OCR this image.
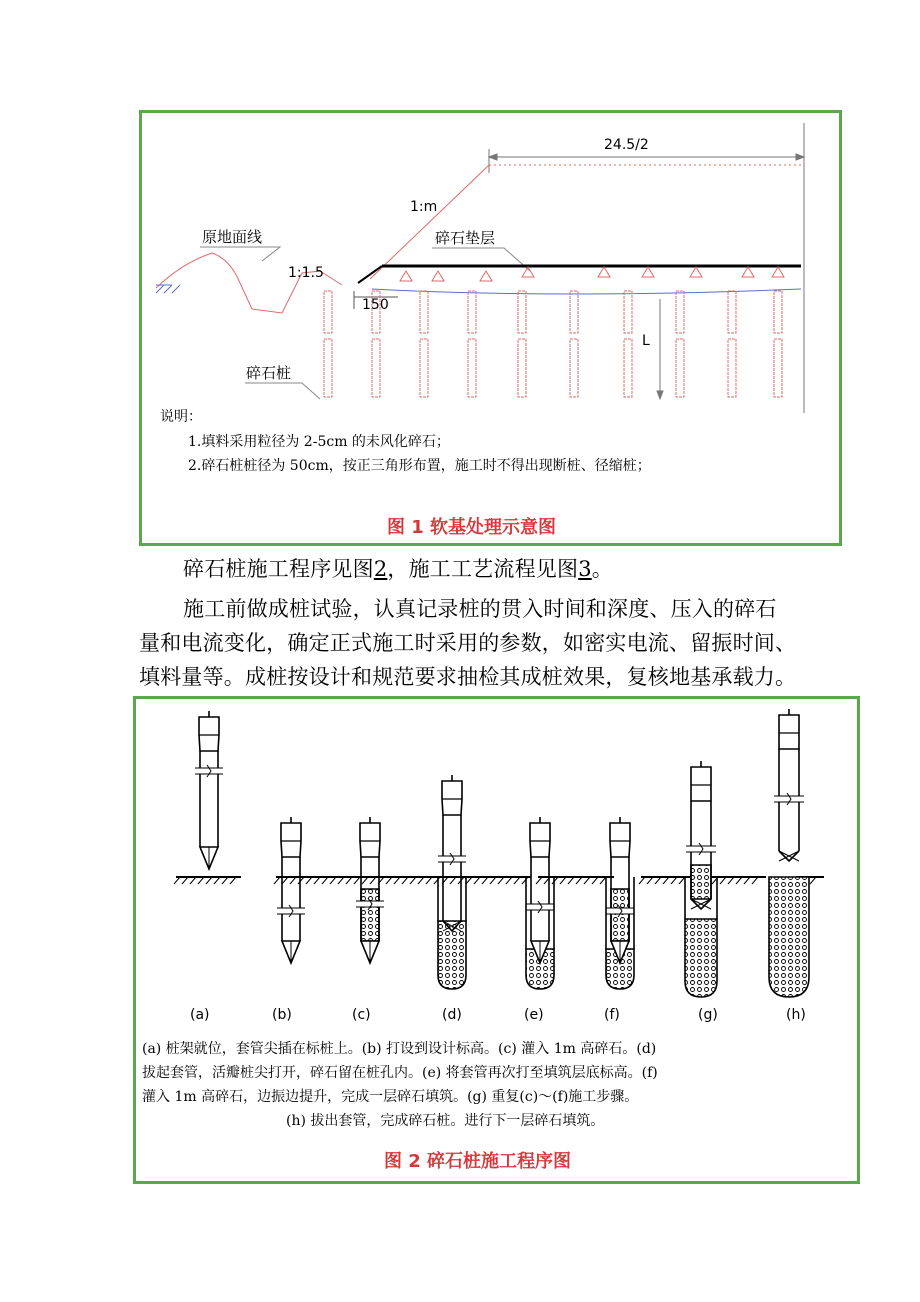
24.5/2
1:m
1:1.5
150
L
原地面线	碎石垫层
碎石桩
说明：
1.填料采用粒径为 2-5cm 的未风化碎石；
2.碎石桩桩径为 50cm，按正三角形布置，施工时不得出现断桩、径缩桩；
图 1 软基处理示意图
碎石桩施工程序见图2，施工工艺流程见图3。
施工前做成桩试验，认真记录桩的贯入时间和深度、压入的碎石
量和电流变化，确定正式施工时采用的参数，如密实电流、留振时间、
填料量等。成桩按设计和规范要求抽检其成桩效果，复核地基承载力。
(a)	(b)	(c)	(d)	(e)	(f)	(g)	(h)
(a) 桩架就位，套管尖插在标桩上。(b) 打设到设计标高。(c) 灌入 1m 高碎石。(d)
拔起套管，活瓣桩尖打开，碎石留在桩孔内。(e) 将套管再次打至填筑层底标高。(f)
灌入 1m 高碎石，边振边提升，完成一层碎石填筑。(g) 重复(c)～(f)施工步骤。
(h) 拔出套管，完成碎石桩。进行下一层碎石填筑。
图 2 碎石桩施工程序图
